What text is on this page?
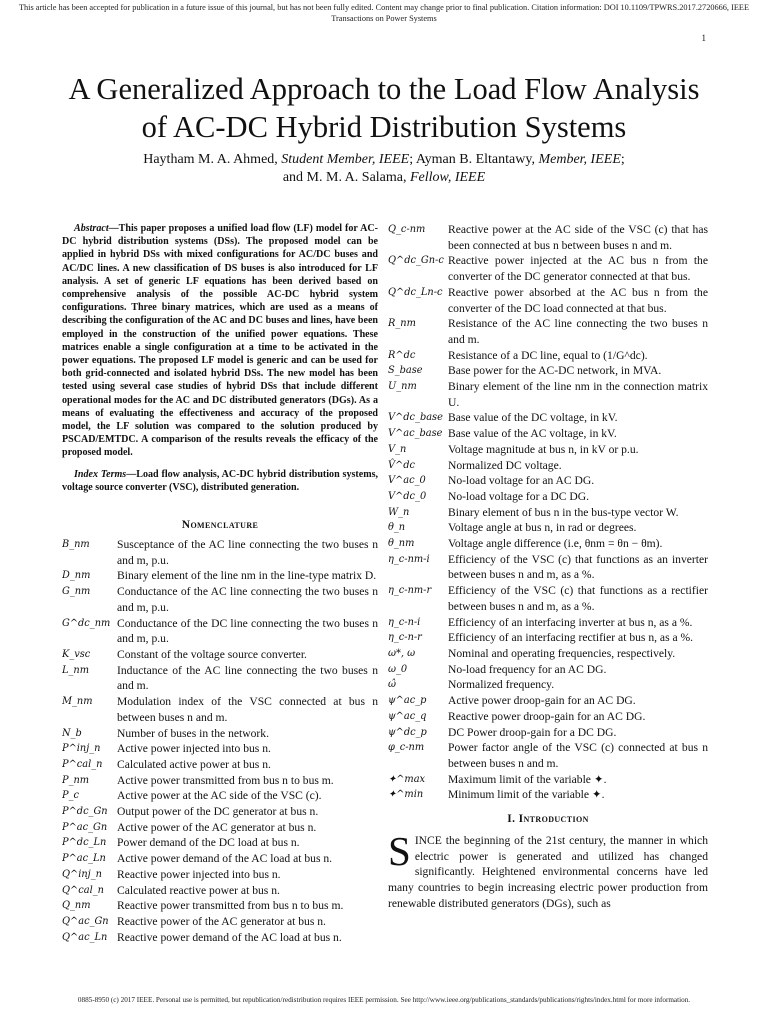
This article has been accepted for publication in a future issue of this journal, but has not been fully edited. Content may change prior to final publication. Citation information: DOI 10.1109/TPWRS.2017.2720666, IEEE
Transactions on Power Systems
1
A Generalized Approach to the Load Flow Analysis
of AC-DC Hybrid Distribution Systems
Haytham M. A. Ahmed, Student Member, IEEE; Ayman B. Eltantawy, Member, IEEE;
and M. M. A. Salama, Fellow, IEEE

Abstract—This paper proposes a unified load flow (LF) model for AC-DC hybrid distribution systems (DSs). The proposed model can be applied in hybrid DSs with mixed configurations for AC/DC buses and AC/DC lines. A new classification of DS buses is also introduced for LF analysis. A set of generic LF equations has been derived based on comprehensive analysis of the possible AC-DC hybrid system configurations. Three binary matrices, which are used as a means of describing the configuration of the AC and DC buses and lines, have been employed in the construction of the unified power equations. These matrices enable a single configuration at a time to be activated in the power equations. The proposed LF model is generic and can be used for both grid-connected and isolated hybrid DSs. The new model has been tested using several case studies of hybrid DSs that include different operational modes for the AC and DC distributed generators (DGs). As a means of evaluating the effectiveness and accuracy of the proposed model, the LF solution was compared to the solution produced by PSCAD/EMTDC. A comparison of the results reveals the efficacy of the proposed model.

Index Terms—Load flow analysis, AC-DC hybrid distribution systems, voltage source converter (VSC), distributed generation.

Nomenclature
B_nm	Susceptance of the AC line connecting the two buses n and m, p.u.
D_nm	Binary element of the line nm in the line-type matrix D.
G_nm	Conductance of the AC line connecting the two buses n and m, p.u.
G^dc_nm Conductance of the DC line connecting the two buses n and m, p.u.
K_vsc	Constant of the voltage source converter.
L_nm	Inductance of the AC line connecting the two buses n and m.
M_nm	Modulation index of the VSC connected at bus n between buses n and m.
N_b	Number of buses in the network.
P^inj_n	Active power injected into bus n.
P^cal_n	Calculated active power at bus n.
P_nm	Active power transmitted from bus n to bus m.
P_c	Active power at the AC side of the VSC (c).
P^dc_Gn Output power of the DC generator at bus n.
P^ac_Gn Active power of the AC generator at bus n.
P^dc_Ln Power demand of the DC load at bus n.
P^ac_Ln Active power demand of the AC load at bus n.
Q^inj_n	Reactive power injected into bus n.
Q^cal_n	Calculated reactive power at bus n.
Q_nm	Reactive power transmitted from bus n to bus m.
Q^ac_Gn Reactive power of the AC generator at bus n.
Q^ac_Ln Reactive power demand of the AC load at bus n.
Q_c-nm	Reactive power at the AC side of the VSC (c) that has been connected at bus n between buses n and m.
Q^dc_Gn-c Reactive power injected at the AC bus n from the converter of the DC generator connected at that bus.
Q^dc_Ln-c Reactive power absorbed at the AC bus n from the converter of the DC load connected at that bus.
R_nm	Resistance of the AC line connecting the two buses n and m.
R^dc	Resistance of a DC line, equal to (1/G^dc).
S_base	Base power for the AC-DC network, in MVA.
U_nm	Binary element of the line nm in the connection matrix U.
V^dc_base Base value of the DC voltage, in kV.
V^ac_base Base value of the AC voltage, in kV.
V_n	Voltage magnitude at bus n, in kV or p.u.
V̂^dc	Normalized DC voltage.
V^ac_0	No-load voltage for an AC DG.
V^dc_0	No-load voltage for a DC DG.
W_n	Binary element of bus n in the bus-type vector W.
θ_n	Voltage angle at bus n, in rad or degrees.
θ_nm	Voltage angle difference (i.e, θnm = θn − θm).
η_c-nm-i	Efficiency of the VSC (c) that functions as an inverter between buses n and m, as a %.
η_c-nm-r	Efficiency of the VSC (c) that functions as a rectifier between buses n and m, as a %.
η_c-n-i	Efficiency of an interfacing inverter at bus n, as a %.
η_c-n-r	Efficiency of an interfacing rectifier at bus n, as a %.
ω*, ω	Nominal and operating frequencies, respectively.
ω_0	No-load frequency for an AC DG.
ω̂	Normalized frequency.
ψ^ac_p	Active power droop-gain for an AC DG.
ψ^ac_q	Reactive power droop-gain for an AC DG.
ψ^dc_p	DC Power droop-gain for a DC DG.
φ_c-nm	Power factor angle of the VSC (c) connected at bus n between buses n and m.
✦^max	Maximum limit of the variable ✦.
✦^min	Minimum limit of the variable ✦.
I. Introduction

SINCE the beginning of the 21st century, the manner in which electric power is generated and utilized has changed significantly. Heightened environmental concerns have led many countries to begin increasing electric power production from renewable distributed generators (DGs), such as

0885-8950 (c) 2017 IEEE. Personal use is permitted, but republication/redistribution requires IEEE permission. See http://www.ieee.org/publications_standards/publications/rights/index.html for more information.
